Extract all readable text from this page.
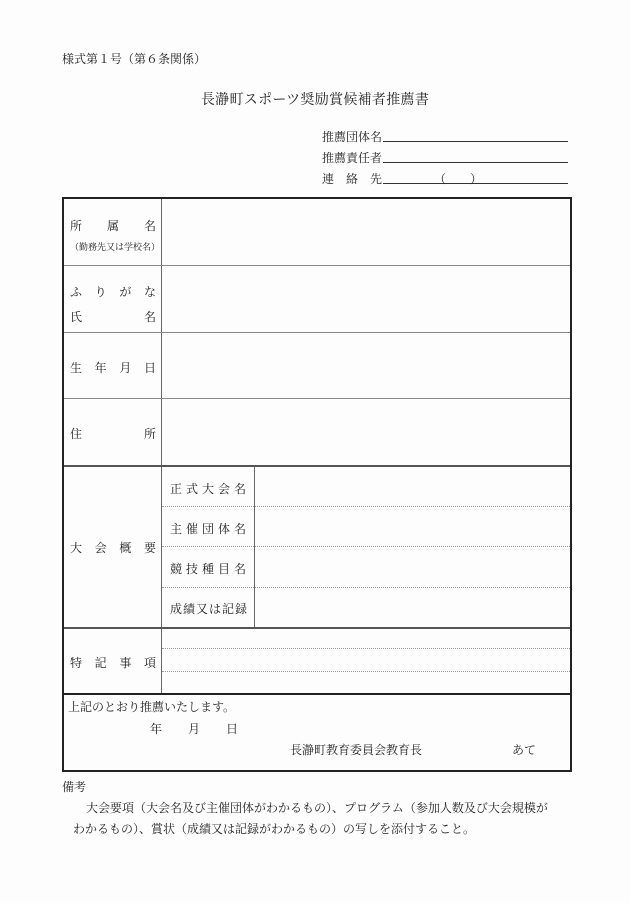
様式第１号（第６条関係）
長瀞町スポーツ奨励賞候補者推薦書
推薦団体名
推薦責任者
連 絡 先	（ ）
所 属 名
（勤務先又は学校名）
ふ り が な
氏	名
生 年 月 日
住	所
大 会 概 要
正式大会名
主催団体名
競技種目名
成績又は記録
特 記 事 項
上記のとおり推薦いたします。
年 月 日
長瀞町教育委員会教育長	あて
備考
大会要項（大会名及び主催団体がわかるもの）、プログラム（参加人数及び大会規模が
わかるもの）、賞状（成績又は記録がわかるもの）の写しを添付すること。
